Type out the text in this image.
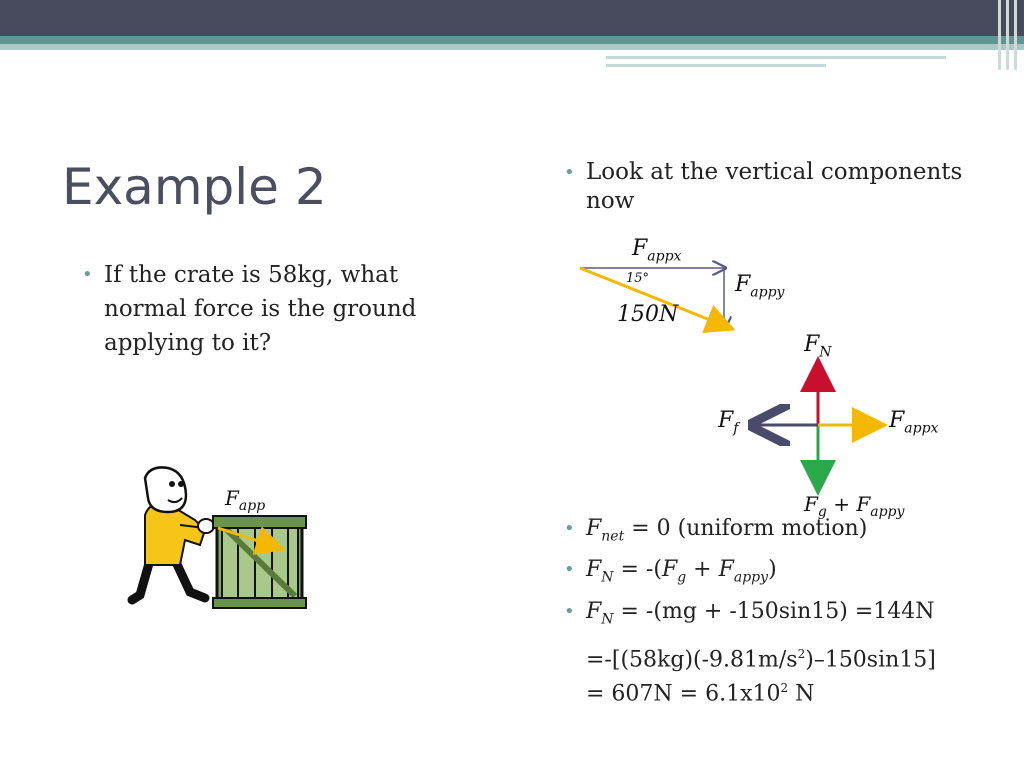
Example 2
• If the crate is 58kg, what normal force is the ground applying to it?
• Look at the vertical components now
$F_{appx}$
15°	$F_{appy}$
150N
$F_N$
$F_f$	$F_{appx}$
$F_g + F_{appy}$
$F_{app}$
• $F_{net} = 0$ (uniform motion)
• $F_N = -(F_g + F_{appy})$
• $F_N = -(mg + -150\sin 15) =144N$
$=-[(58kg)(-9.81m/s^2)-150\sin 15]$
= $607N = 6.1x10^2$ N
